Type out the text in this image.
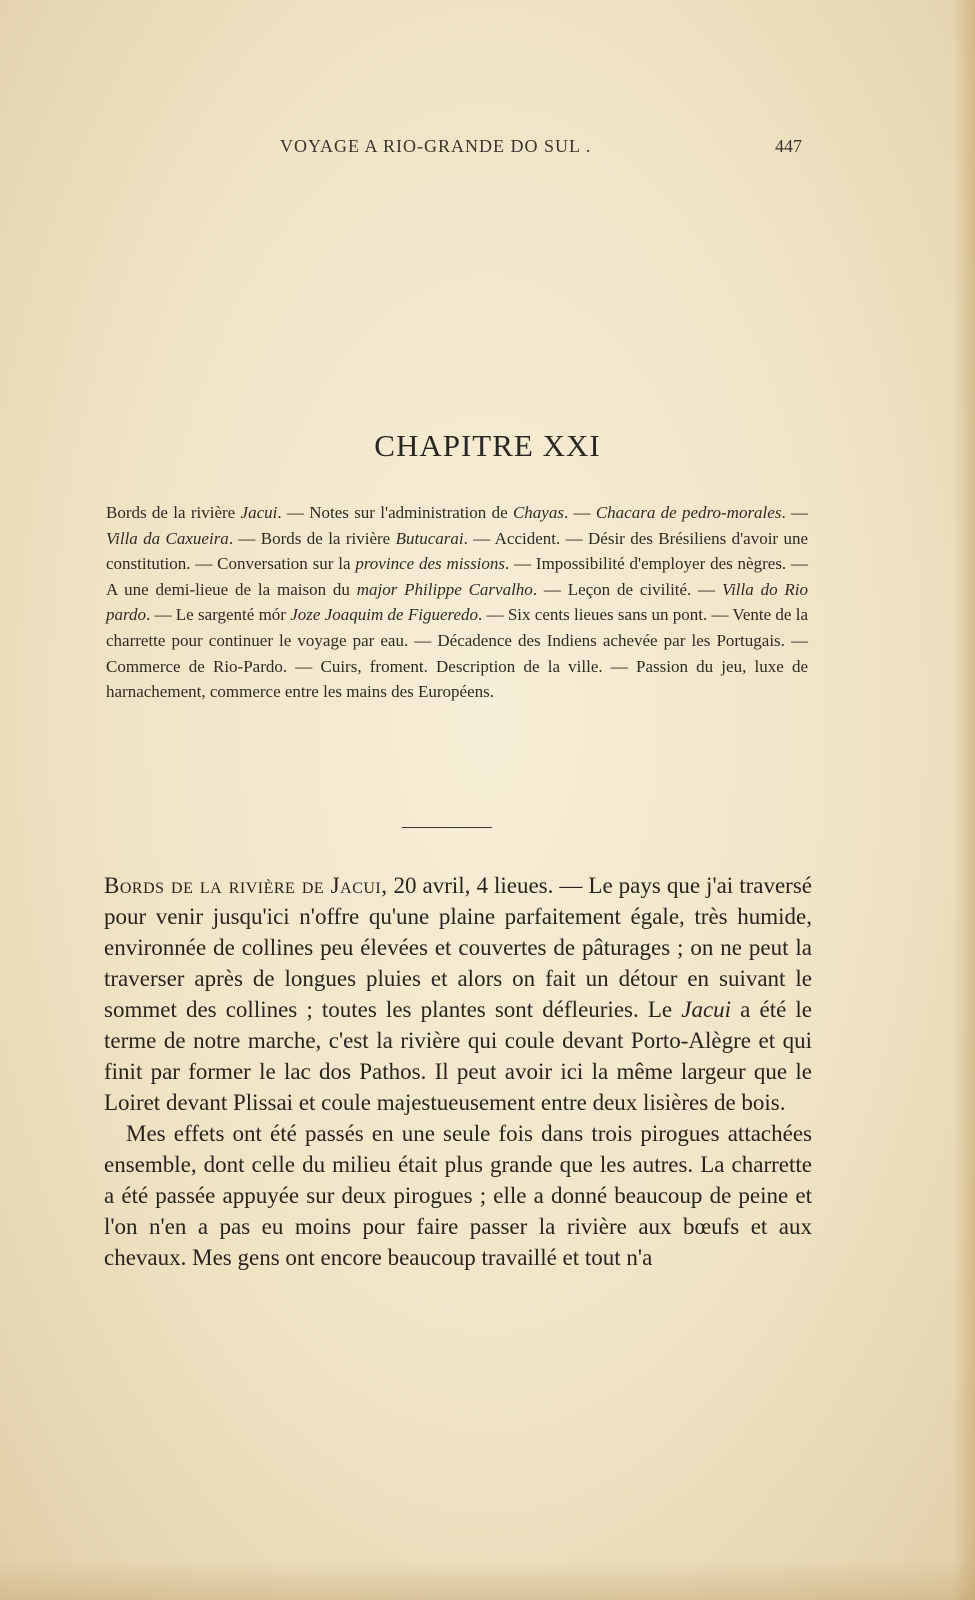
VOYAGE A RIO-GRANDE DO SUL .	447
CHAPITRE XXI
Bords de la rivière Jacui. — Notes sur l'administration de Chayas. — Chacara de pedro-morales. — Villa da Caxueira. — Bords de la rivière Butucarai. — Accident. — Désir des Brésiliens d'avoir une constitution. — Conversation sur la province des missions. — Impossibilité d'employer des nègres. — A une demi-lieue de la maison du major Philippe Carvalho. — Leçon de civilité. — Villa do Rio pardo. — Le sargenté mór Joze Joaquim de Figueredo. — Six cents lieues sans un pont. — Vente de la charrette pour continuer le voyage par eau. — Décadence des Indiens achevée par les Portugais. — Commerce de Rio-Pardo. — Cuirs, froment. Description de la ville. — Passion du jeu, luxe de harnachement, commerce entre les mains des Européens.

Bords de la rivière de Jacui, 20 avril, 4 lieues. — Le pays que j'ai traversé pour venir jusqu'ici n'offre qu'une plaine parfaitement égale, très humide, environnée de collines peu élevées et couvertes de pâturages ; on ne peut la traverser après de longues pluies et alors on fait un détour en suivant le sommet des collines ; toutes les plantes sont défleuries. Le Jacui a été le terme de notre marche, c'est la rivière qui coule devant Porto-Alègre et qui finit par former le lac dos Pathos. Il peut avoir ici la même largeur que le Loiret devant Plissai et coule majestueusement entre deux lisières de bois.

Mes effets ont été passés en une seule fois dans trois pirogues attachées ensemble, dont celle du milieu était plus grande que les autres. La charrette a été passée appuyée sur deux pirogues ; elle a donné beaucoup de peine et l'on n'en a pas eu moins pour faire passer la rivière aux bœufs et aux chevaux. Mes gens ont encore beaucoup travaillé et tout n'a
